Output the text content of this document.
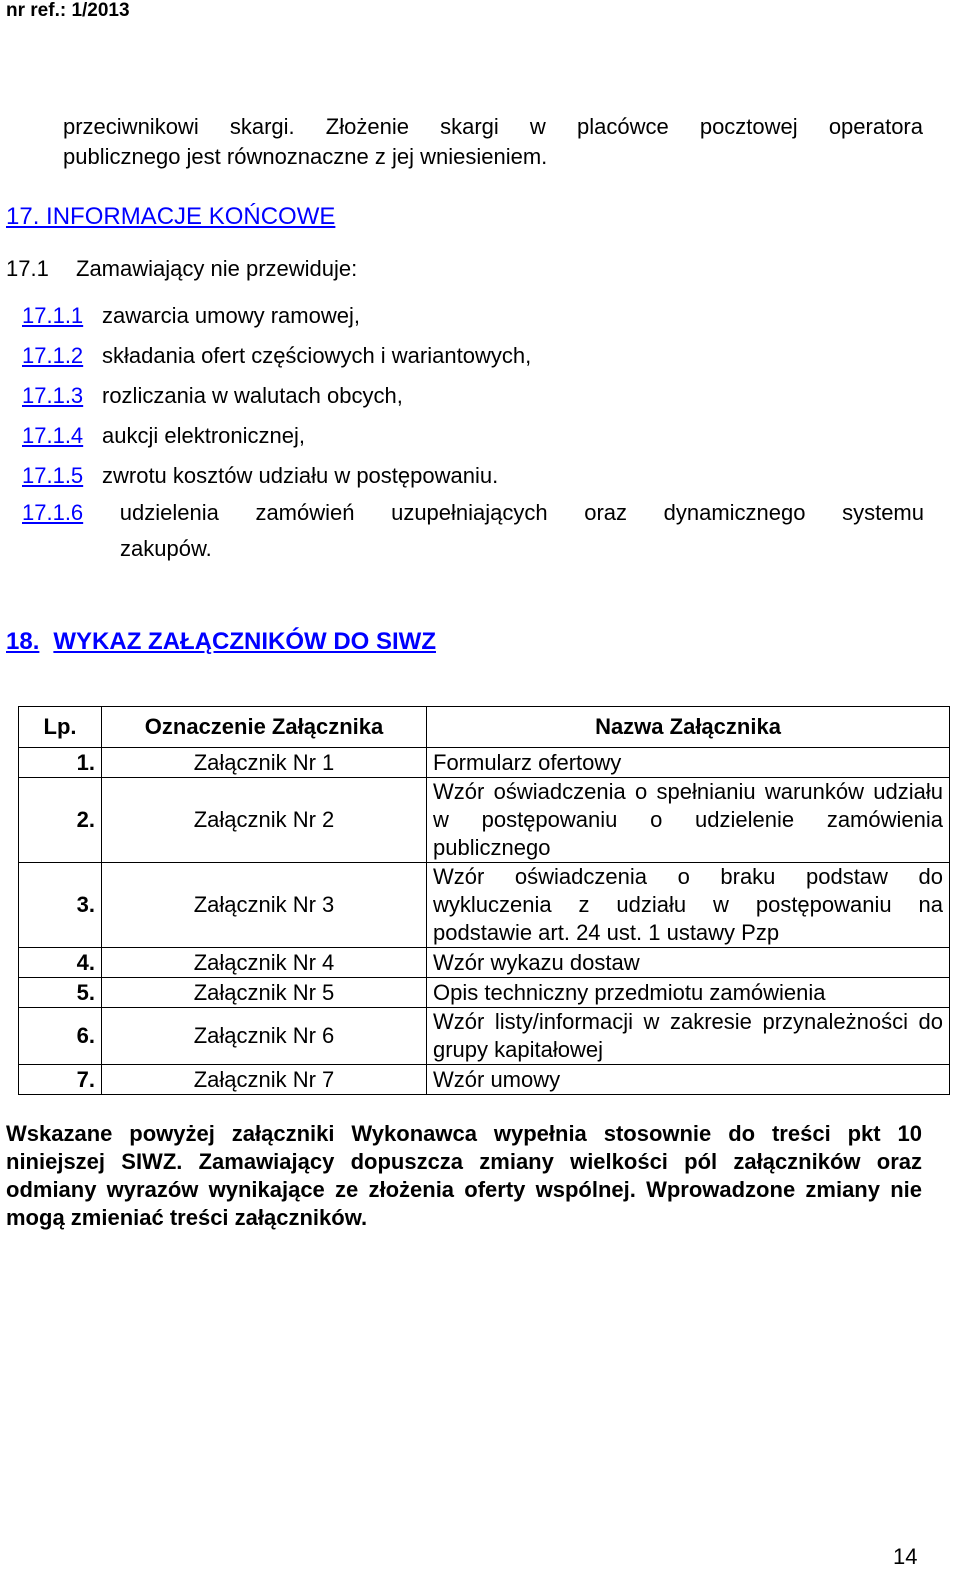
nr ref.: 1/2013
przeciwnikowi skargi. Złożenie skargi w placówce pocztowej operatora
publicznego jest równoznaczne z jej wniesieniem.
17. INFORMACJE KOŃCOWE
17.1 Zamawiający nie przewiduje:
17.1.1 zawarcia umowy ramowej,
17.1.2 składania ofert częściowych i wariantowych,
17.1.3 rozliczania w walutach obcych,
17.1.4 aukcji elektronicznej,
17.1.5 zwrotu kosztów udziału w postępowaniu.
17.1.6 udzielenia zamówień uzupełniających oraz dynamicznego systemu
zakupów.
18. WYKAZ ZAŁĄCZNIKÓW DO SIWZ
Lp.	Oznaczenie Załącznika	Nazwa Załącznika
1.	Załącznik Nr 1	Formularz ofertowy
2.	Załącznik Nr 2	Wzór oświadczenia o spełnianiu warunków udziału w postępowaniu o udzielenie zamówienia publicznego
3.	Załącznik Nr 3	Wzór oświadczenia o braku podstaw do wykluczenia z udziału w postępowaniu na podstawie art. 24 ust. 1 ustawy Pzp
4.	Załącznik Nr 4	Wzór wykazu dostaw
5.	Załącznik Nr 5	Opis techniczny przedmiotu zamówienia
6.	Załącznik Nr 6	Wzór listy/informacji w zakresie przynależności do grupy kapitałowej
7.	Załącznik Nr 7	Wzór umowy
Wskazane powyżej załączniki Wykonawca wypełnia stosownie do treści pkt 10 niniejszej SIWZ. Zamawiający dopuszcza zmiany wielkości pól załączników oraz odmiany wyrazów wynikające ze złożenia oferty wspólnej. Wprowadzone zmiany nie mogą zmieniać treści załączników.
14
